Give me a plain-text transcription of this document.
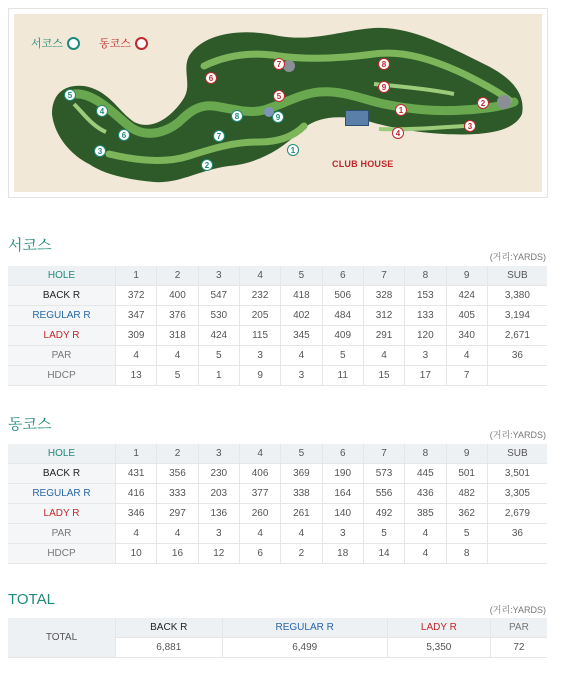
CLUB HOUSE
5
4
6
3
2
7
8	9
1
6
7
5
8
9
1
4
2
3
서코스	동코스
서코스
(거리:YARDS)
HOLE	1	2	3	4	5	6	7	8	9	SUB
BACK R	372	400	547	232	418	506	328	153	424	3,380
REGULAR R	347	376	530	205	402	484	312	133	405	3,194
LADY R	309	318	424	115	345	409	291	120	340	2,671
PAR	4	4	5	3	4	5	4	3	4	36
HDCP	13	5	1	9	3	11	15	17	7	
동코스
(거리:YARDS)
HOLE	1	2	3	4	5	6	7	8	9	SUB
BACK R	431	356	230	406	369	190	573	445	501	3,501
REGULAR R	416	333	203	377	338	164	556	436	482	3,305
LADY R	346	297	136	260	261	140	492	385	362	2,679
PAR	4	4	3	4	4	3	5	4	5	36
HDCP	10	16	12	6	2	18	14	4	8	
TOTAL
(거리:YARDS)
TOTAL	BACK R	REGULAR R	LADY R	PAR
	6,881	6,499	5,350	72
